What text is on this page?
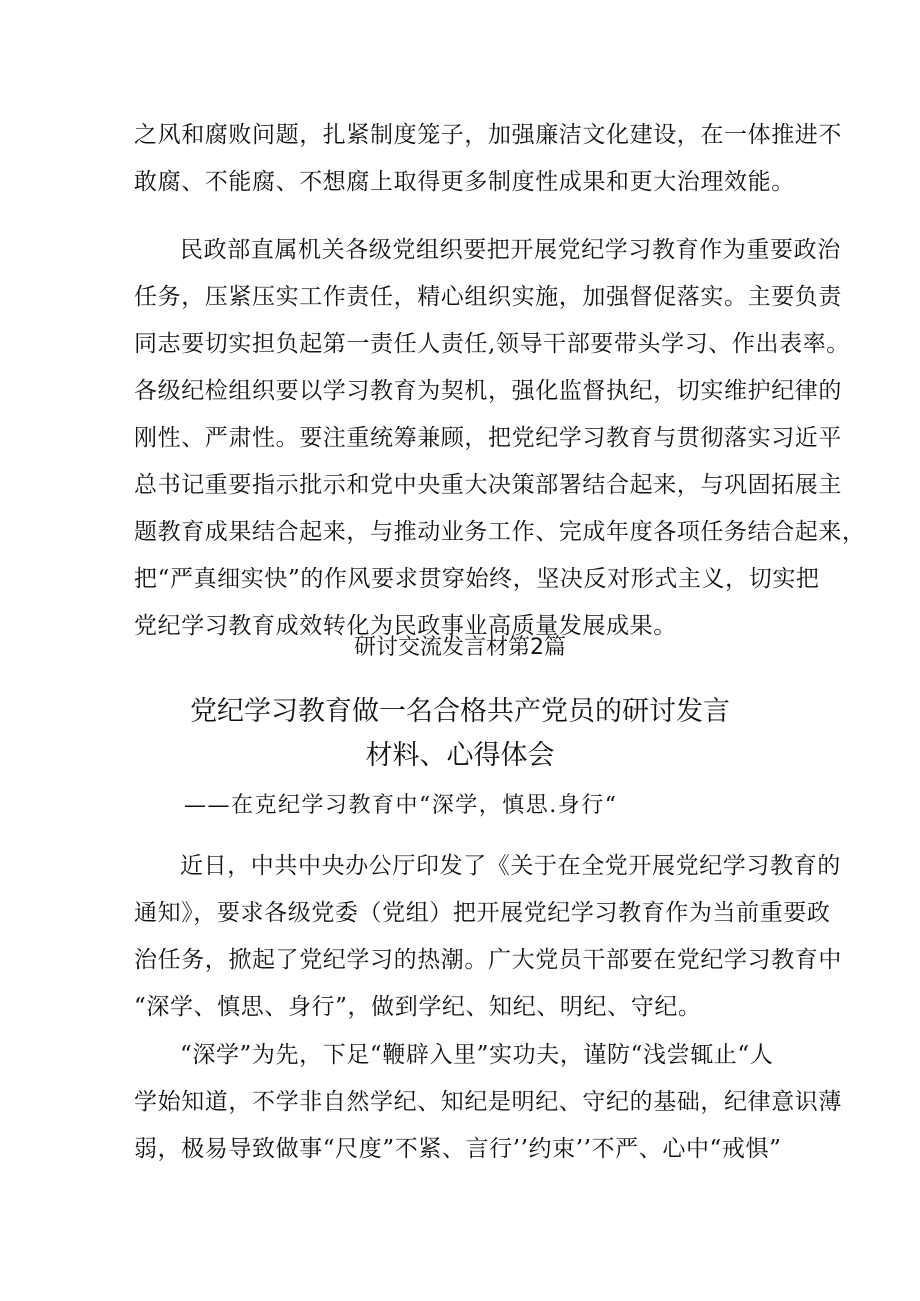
之风和腐败问题，扎紧制度笼子，加强廉洁文化建设，在一体推进不
敢腐、不能腐、不想腐上取得更多制度性成果和更大治理效能。
民政部直属机关各级党组织要把开展党纪学习教育作为重要政治
任务，压紧压实工作责任，精心组织实施，加强督促落实。主要负责
同志要切实担负起第一责任人责任,领导干部要带头学习、作出表率。
各级纪检组织要以学习教育为契机，强化监督执纪，切实维护纪律的
刚性、严肃性。要注重统筹兼顾，把党纪学习教育与贯彻落实习近平
总书记重要指示批示和党中央重大决策部署结合起来，与巩固拓展主
题教育成果结合起来，与推动业务工作、完成年度各项任务结合起来，
把“严真细实快”的作风要求贯穿始终，坚决反对形式主义，切实把
党纪学习教育成效转化为民政事业高质量发展成果。
研讨交流发言材第2篇
党纪学习教育做一名合格共产党员的研讨发言
材料、心得体会
——在克纪学习教育中“深学，慎思.身行“
近日，中共中央办公厅印发了《关于在全党开展党纪学习教育的
通知》，要求各级党委（党组）把开展党纪学习教育作为当前重要政
治任务，掀起了党纪学习的热潮。广大党员干部要在党纪学习教育中
“深学、慎思、身行”，做到学纪、知纪、明纪、守纪。
“深学”为先，下足“鞭辟入里”实功夫，谨防“浅尝辄止“人
学始知道，不学非自然学纪、知纪是明纪、守纪的基础，纪律意识薄
弱，极易导致做事“尺度”不紧、言行’’约束’’不严、心中“戒惧”
